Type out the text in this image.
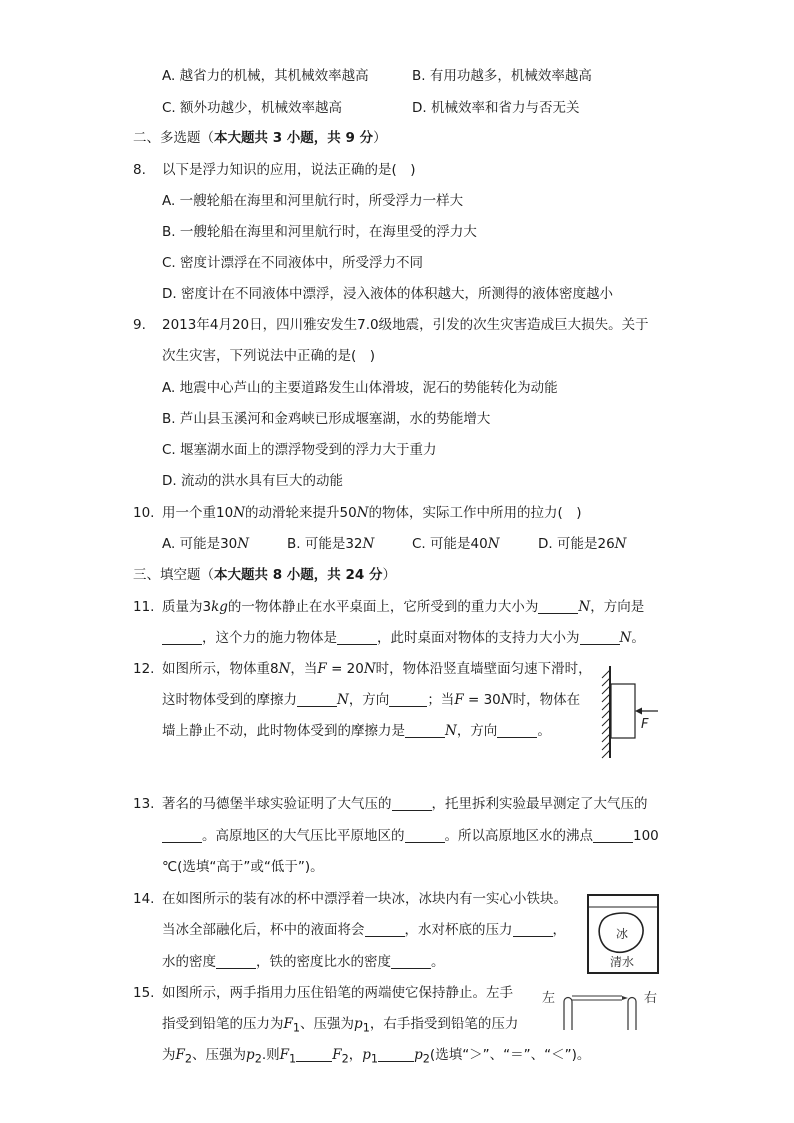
A. 越省力的机械，其机械效率越高	B. 有用功越多，机械效率越高
C. 额外功越少，机械效率越高	D. 机械效率和省力与否无关
二、多选题（本大题共 3 小题，共 9 分）
8. 以下是浮力知识的应用，说法正确的是(　)
A. 一艘轮船在海里和河里航行时，所受浮力一样大
B. 一艘轮船在海里和河里航行时，在海里受的浮力大
C. 密度计漂浮在不同液体中，所受浮力不同
D. 密度计在不同液体中漂浮，浸入液体的体积越大，所测得的液体密度越小
9. 2013年4月20日，四川雅安发生7.0级地震，引发的次生灾害造成巨大损失。关于
次生灾害，下列说法中正确的是(　)
A. 地震中心芦山的主要道路发生山体滑坡，泥石的势能转化为动能
B. 芦山县玉溪河和金鸡峡已形成堰塞湖，水的势能增大
C. 堰塞湖水面上的漂浮物受到的浮力大于重力
D. 流动的洪水具有巨大的动能
10. 用一个重10N的动滑轮来提升50N的物体，实际工作中所用的拉力(　)
A. 可能是30N	B. 可能是32N	C. 可能是40N	D. 可能是26N
三、填空题（本大题共 8 小题，共 24 分）
11. 质量为3kg的一物体静止在水平桌面上，它所受到的重力大小为	N，方向是
，这个力的施力物体是	，此时桌面对物体的支持力大小为	N。
12. 如图所示，物体重8N，当F = 20N时，物体沿竖直墙壁面匀速下滑时，
这时物体受到的摩擦力	N，方向	；当F = 30N时，物体在
墙上静止不动，此时物体受到的摩擦力是	N，方向	。	F
13. 著名的马德堡半球实验证明了大气压的	，托里拆利实验最早测定了大气压的
。高原地区的大气压比平原地区的	。所以高原地区水的沸点	100
℃(选填“高于”或“低于”)。
14. 在如图所示的装有冰的杯中漂浮着一块冰，冰块内有一实心小铁块。
当冰全部融化后，杯中的液面将会	，水对杯底的压力	，
水的密度	，铁的密度比水的密度	。
冰
清水
15. 如图所示，两手指用力压住铅笔的两端使它保持静止。左手
指受到铅笔的压力为$F_1$、压强为$p_1$，右手指受到铅笔的压力
为$F_2$、压强为$p_2$.则$F_1$	$F_2$，$p_1$	$p_2$(选填“＞”、“＝”、“＜”)。
左	右
